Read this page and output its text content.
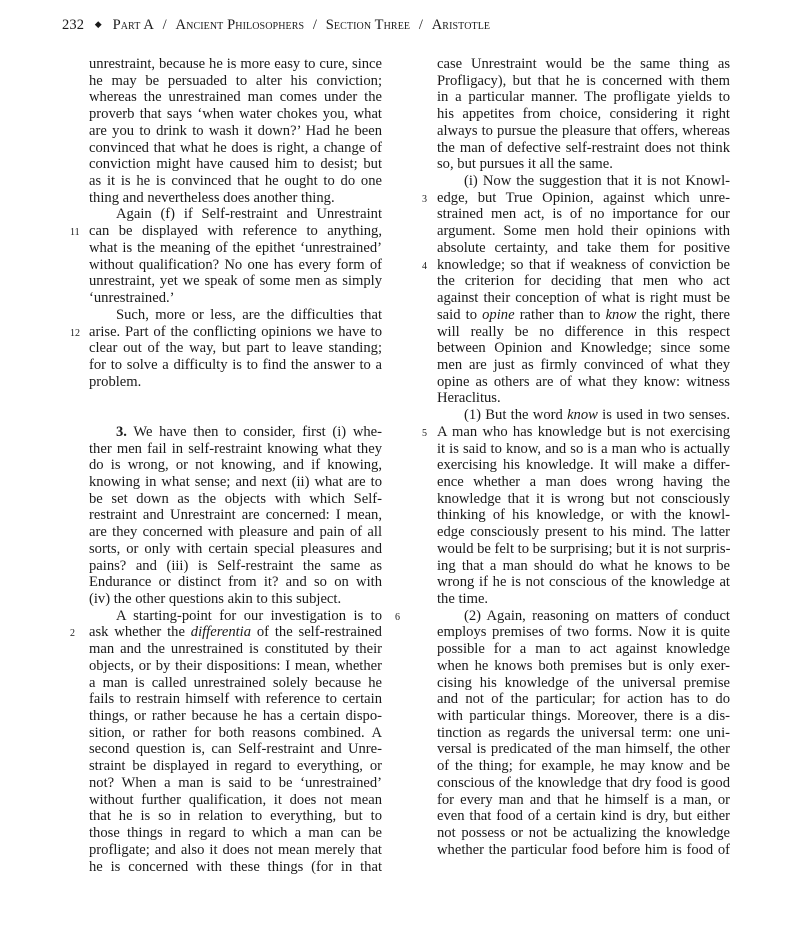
232 ◆ Part A / Ancient Philosophers / Section Three / Aristotle
unrestraint, because he is more easy to cure, since
he may be persuaded to alter his conviction;
whereas the unrestrained man comes under the
proverb that says ‘when water chokes you, what
are you to drink to wash it down?’ Had he been
convinced that what he does is right, a change of
conviction might have caused him to desist; but
as it is he is convinced that he ought to do one
thing and nevertheless does another thing.
Again (f) if Self-restraint and Unrestraint
11 can be displayed with reference to anything,
what is the meaning of the epithet ‘unrestrained’
without qualification? No one has every form of
unrestraint, yet we speak of some men as simply
‘unrestrained.’
Such, more or less, are the difficulties that
12 arise. Part of the conflicting opinions we have to
clear out of the way, but part to leave standing;
for to solve a difficulty is to find the answer to a
problem.
3. We have then to consider, first (i) whe-
ther men fail in self-restraint knowing what they
do is wrong, or not knowing, and if knowing,
knowing in what sense; and next (ii) what are to
be set down as the objects with which Self-
restraint and Unrestraint are concerned: I mean,
are they concerned with pleasure and pain of all
sorts, or only with certain special pleasures and
pains? and (iii) is Self-restraint the same as
Endurance or distinct from it? and so on with
(iv) the other questions akin to this subject.
A starting-point for our investigation is to
2 ask whether the differentia of the self-restrained
man and the unrestrained is constituted by their
objects, or by their dispositions: I mean, whether
a man is called unrestrained solely because he
fails to restrain himself with reference to certain
things, or rather because he has a certain dispo-
sition, or rather for both reasons combined. A
second question is, can Self-restraint and Unre-
straint be displayed in regard to everything, or
not? When a man is said to be ‘unrestrained’
without further qualification, it does not mean
that he is so in relation to everything, but to
those things in regard to which a man can be
profligate; and also it does not mean merely that
he is concerned with these things (for in that
case Unrestraint would be the same thing as
Profligacy), but that he is concerned with them
in a particular manner. The profligate yields to
his appetites from choice, considering it right
always to pursue the pleasure that offers, whereas
the man of defective self-restraint does not think
so, but pursues it all the same.
(i) Now the suggestion that it is not Knowl-
3 edge, but True Opinion, against which unre-
strained men act, is of no importance for our
argument. Some men hold their opinions with
absolute certainty, and take them for positive
4 knowledge; so that if weakness of conviction be
the criterion for deciding that men who act
against their conception of what is right must be
said to opine rather than to know the right, there
will really be no difference in this respect
between Opinion and Knowledge; since some
men are just as firmly convinced of what they
opine as others are of what they know: witness
Heraclitus.
(1) But the word know is used in two senses.
5 A man who has knowledge but is not exercising
it is said to know, and so is a man who is actually
exercising his knowledge. It will make a differ-
ence whether a man does wrong having the
knowledge that it is wrong but not consciously
thinking of his knowledge, or with the knowl-
edge consciously present to his mind. The latter
would be felt to be surprising; but it is not surpris-
ing that a man should do what he knows to be
wrong if he is not conscious of the knowledge at
the time.
6	(2) Again, reasoning on matters of conduct
employs premises of two forms. Now it is quite
possible for a man to act against knowledge
when he knows both premises but is only exer-
cising his knowledge of the universal premise
and not of the particular; for action has to do
with particular things. Moreover, there is a dis-
tinction as regards the universal term: one uni-
versal is predicated of the man himself, the other
of the thing; for example, he may know and be
conscious of the knowledge that dry food is good
for every man and that he himself is a man, or
even that food of a certain kind is dry, but either
not possess or not be actualizing the knowledge
whether the particular food before him is food of
